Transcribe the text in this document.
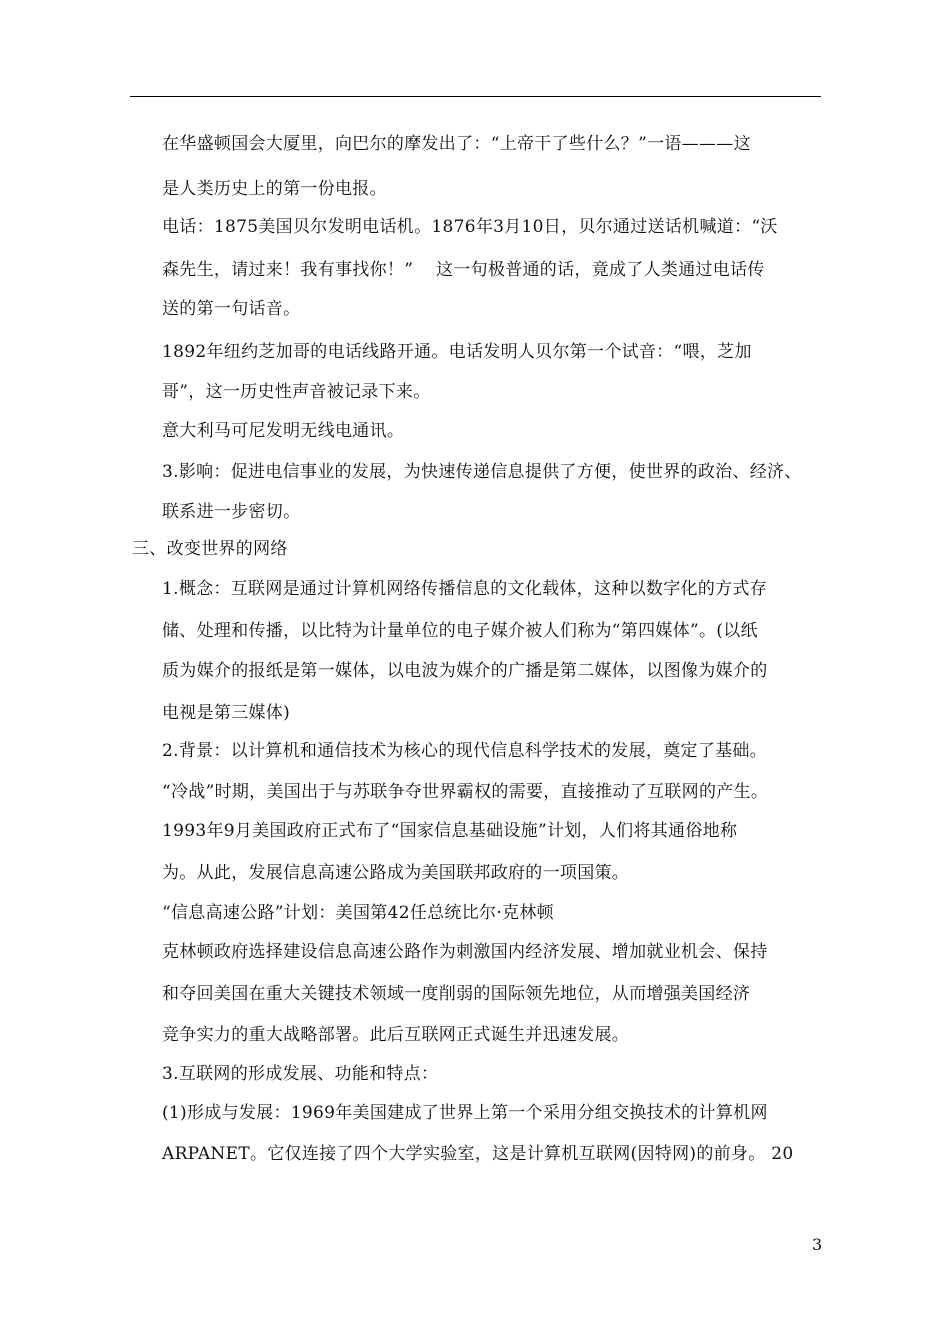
在华盛顿国会大厦里，向巴尔的摩发出了：“上帝干了些什么？”一语———这
是人类历史上的第一份电报。
电话：1875美国贝尔发明电话机。1876年3月10日，贝尔通过送话机喊道：“沃
森先生，请过来！我有事找你！”    这一句极普通的话，竟成了人类通过电话传
送的第一句话音。
1892年纽约芝加哥的电话线路开通。电话发明人贝尔第一个试音：“喂，芝加
哥”，这一历史性声音被记录下来。
意大利马可尼发明无线电通讯。
3.影响：促进电信事业的发展，为快速传递信息提供了方便，使世界的政治、经济、
联系进一步密切。
三、改变世界的网络
1.概念：互联网是通过计算机网络传播信息的文化载体，这种以数字化的方式存
储、处理和传播，以比特为计量单位的电子媒介被人们称为“第四媒体”。(以纸
质为媒介的报纸是第一媒体，以电波为媒介的广播是第二媒体，以图像为媒介的
电视是第三媒体)
2.背景：以计算机和通信技术为核心的现代信息科学技术的发展，奠定了基础。
“冷战”时期，美国出于与苏联争夺世界霸权的需要，直接推动了互联网的产生。
1993年9月美国政府正式布了“国家信息基础设施”计划，人们将其通俗地称
为。从此，发展信息高速公路成为美国联邦政府的一项国策。
“信息高速公路”计划：美国第42任总统比尔·克林顿
克林顿政府选择建设信息高速公路作为刺激国内经济发展、增加就业机会、保持
和夺回美国在重大关键技术领域一度削弱的国际领先地位，从而增强美国经济
竞争实力的重大战略部署。此后互联网正式诞生并迅速发展。
3.互联网的形成发展、功能和特点：
(1)形成与发展：1969年美国建成了世界上第一个采用分组交换技术的计算机网
ARPANET。它仅连接了四个大学实验室，这是计算机互联网(因特网)的前身。 20
3
